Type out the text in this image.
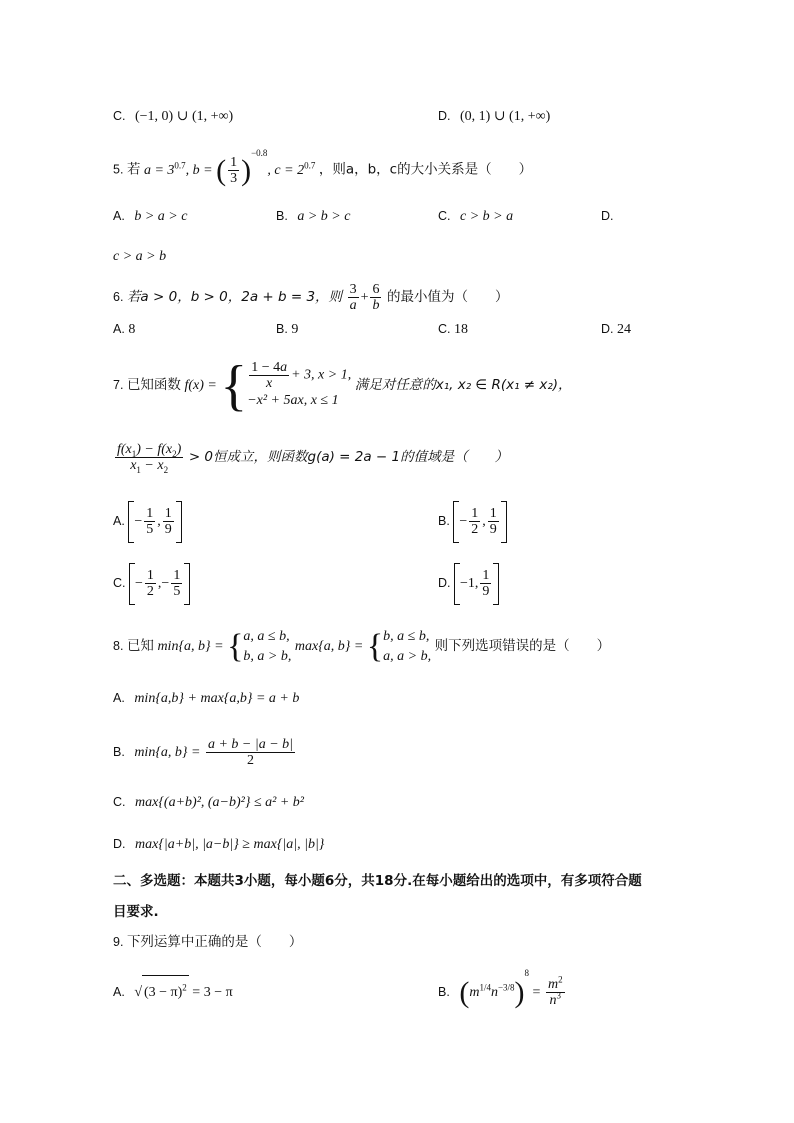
C. (−1, 0) ∪ (1, +∞)	D. (0, 1) ∪ (1, +∞)
5. 若 $a = 3^{0.7}$, b = ( $\frac{1}{3} )^{-0.8}$, $c = 2^{0.7}$ ，则a，b，c的大小关系是（　　）
A. b > a > c	B. a > b > c	C. c > b > a	D.
c > a > b
6. 若a > 0，b > 0，2a + b = 3，则 $\frac{3}{a} + \frac{6}{b}$ 的最小值为（　　）
A. 8	B. 9	C. 18	D. 24
7. 已知函数 f(x) = { $\frac{1 - 4a}{x} + 3$, x > 1,
−x² + 5ax, x ≤ 1
满足对任意的x₁, x₂ ∈ R(x₁ ≠ x₂)，
$\frac{f(x_1) - f(x_2)}{x_1 - x_2} > 0$恒成立，则函数g(a) = 2a − 1的值域是（　　）
A. − $\frac{1}{5}$ , $\frac{1}{9}$	B. − $\frac{1}{2}$ , $\frac{1}{9}$
C. − $\frac{1}{2}$ ,− $\frac{1}{5}$	D. −1, $\frac{1}{9}$
8. 已知 min{a, b} = { a, a ≤ b,
b, a > b,
max{a, b} = { b, a ≤ b,
a, a > b,
则下列选项错误的是（　　）
A. min{a,b} + max{a,b} = a + b
B. min{a, $b\} = \frac{a + b - |a - b|}{2}$
C. max{(a+b)², (a−b)²} ≤ a² + b²
D. max{|a+b|, |a−b|} ≥ max{|a|, |b|}
二、多选题：本题共3小题，每小题6分，共18分.在每小题给出的选项中，有多项符合题
目要求.
9. 下列运算中正确的是（　　）
A. √ $(3 - \pi)^2 = 3 - \pi$	B. $(m^{1/4}n^{-3/8})^8 = \frac{m^2}{n^3}$
